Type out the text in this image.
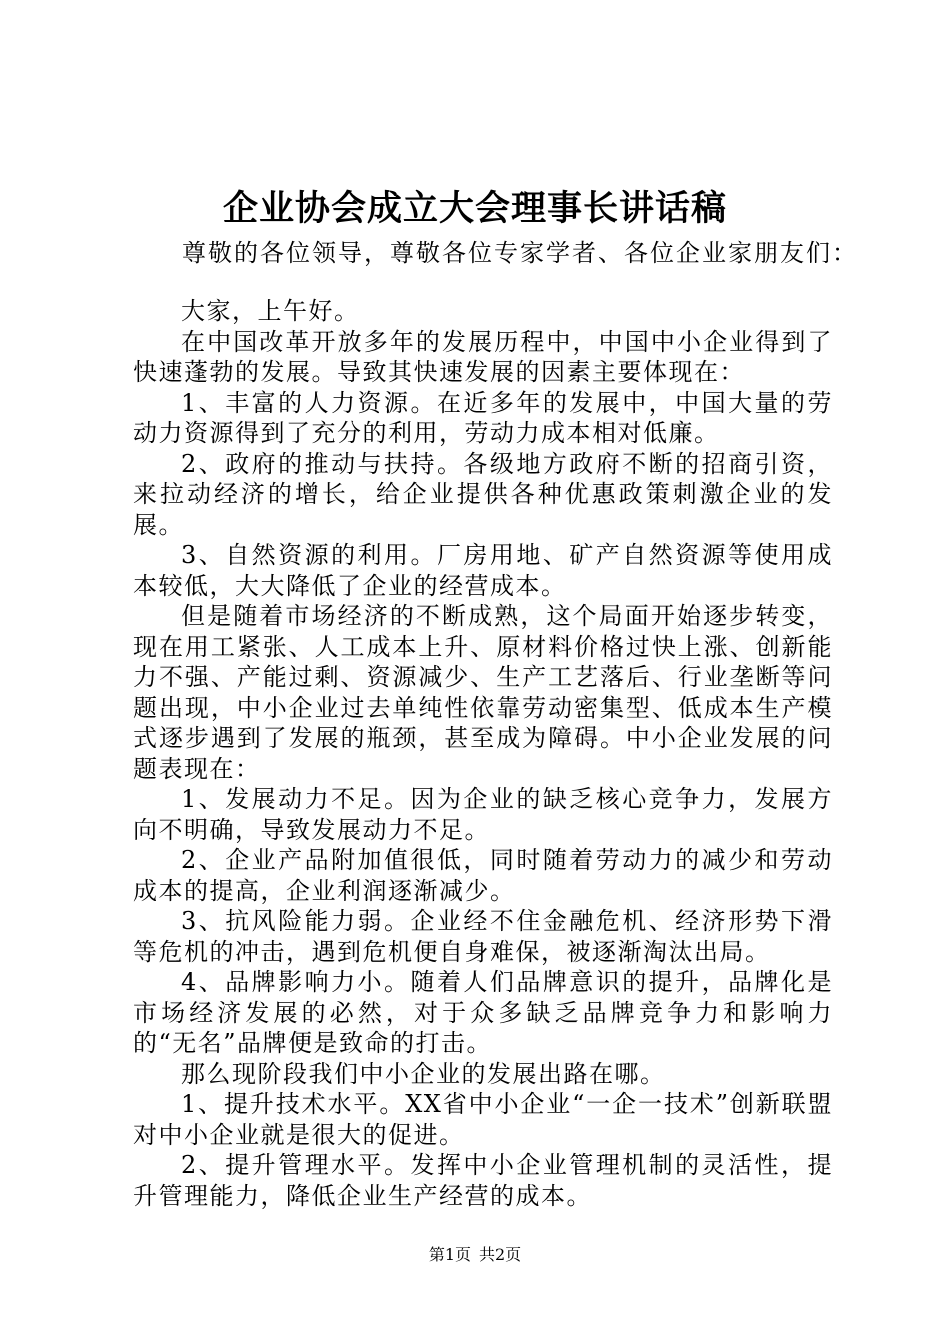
企业协会成立大会理事长讲话稿

尊敬的各位领导，尊敬各位专家学者、各位企业家朋友们：

大家，上午好。

在中国改革开放多年的发展历程中，中国中小企业得到了快速蓬勃的发展。导致其快速发展的因素主要体现在：

1、丰富的人力资源。在近多年的发展中，中国大量的劳动力资源得到了充分的利用，劳动力成本相对低廉。

2、政府的推动与扶持。各级地方政府不断的招商引资，来拉动经济的增长，给企业提供各种优惠政策刺激企业的发展。

3、自然资源的利用。厂房用地、矿产自然资源等使用成本较低，大大降低了企业的经营成本。

但是随着市场经济的不断成熟，这个局面开始逐步转变，现在用工紧张、人工成本上升、原材料价格过快上涨、创新能力不强、产能过剩、资源减少、生产工艺落后、行业垄断等问题出现，中小企业过去单纯性依靠劳动密集型、低成本生产模式逐步遇到了发展的瓶颈，甚至成为障碍。中小企业发展的问题表现在：

1、发展动力不足。因为企业的缺乏核心竞争力，发展方向不明确，导致发展动力不足。

2、企业产品附加值很低，同时随着劳动力的减少和劳动成本的提高，企业利润逐渐减少。

3、抗风险能力弱。企业经不住金融危机、经济形势下滑等危机的冲击，遇到危机便自身难保，被逐渐淘汰出局。

4、品牌影响力小。随着人们品牌意识的提升，品牌化是市场经济发展的必然，对于众多缺乏品牌竞争力和影响力的“无名”品牌便是致命的打击。

那么现阶段我们中小企业的发展出路在哪。

1、提升技术水平。XX省中小企业“一企一技术”创新联盟对中小企业就是很大的促进。

2、提升管理水平。发挥中小企业管理机制的灵活性，提升管理能力，降低企业生产经营的成本。

第1页 共2页
